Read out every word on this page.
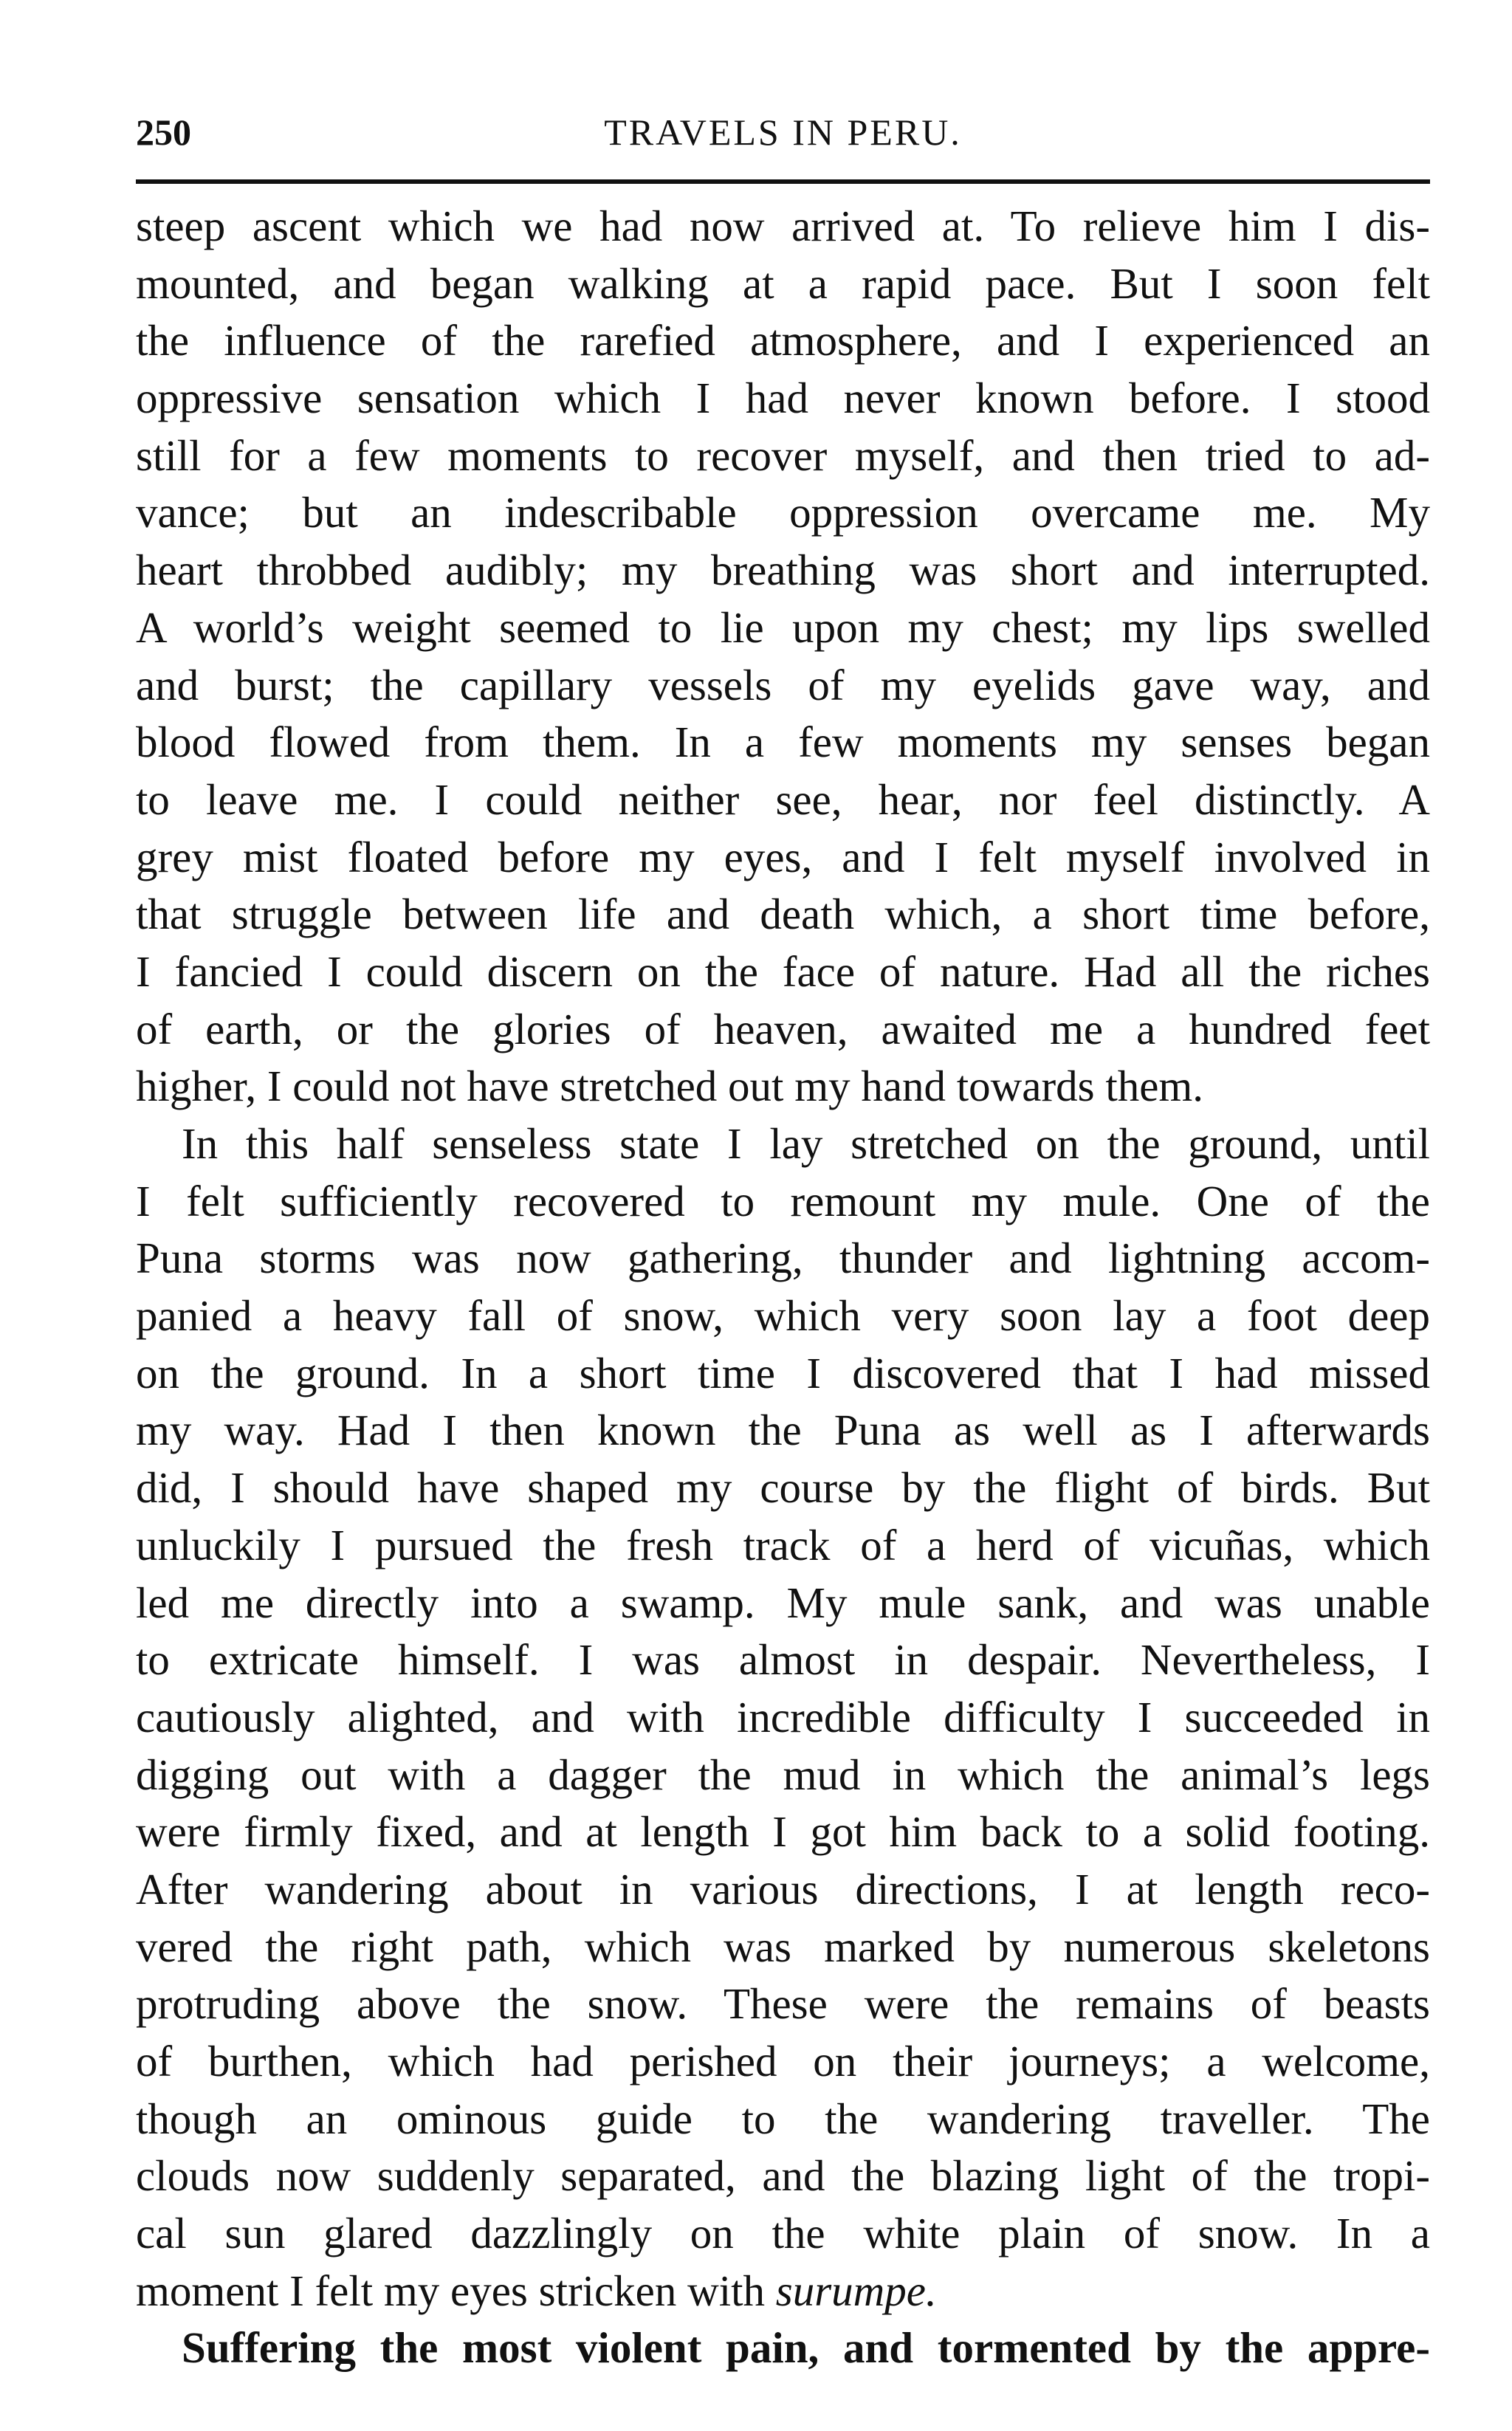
250	TRAVELS IN PERU.
steep ascent which we had now arrived at. To relieve him I dis-
mounted, and began walking at a rapid pace. But I soon felt
the influence of the rarefied atmosphere, and I experienced an
oppressive sensation which I had never known before. I stood
still for a few moments to recover myself, and then tried to ad-
vance; but an indescribable oppression overcame me. My
heart throbbed audibly; my breathing was short and interrupted.
A world’s weight seemed to lie upon my chest; my lips swelled
and burst; the capillary vessels of my eyelids gave way, and
blood flowed from them. In a few moments my senses began
to leave me. I could neither see, hear, nor feel distinctly. A
grey mist floated before my eyes, and I felt myself involved in
that struggle between life and death which, a short time before,
I fancied I could discern on the face of nature. Had all the riches
of earth, or the glories of heaven, awaited me a hundred feet
higher, I could not have stretched out my hand towards them.
In this half senseless state I lay stretched on the ground, until
I felt sufficiently recovered to remount my mule. One of the
Puna storms was now gathering, thunder and lightning accom-
panied a heavy fall of snow, which very soon lay a foot deep
on the ground. In a short time I discovered that I had missed
my way. Had I then known the Puna as well as I afterwards
did, I should have shaped my course by the flight of birds. But
unluckily I pursued the fresh track of a herd of vicuñas, which
led me directly into a swamp. My mule sank, and was unable
to extricate himself. I was almost in despair. Nevertheless, I
cautiously alighted, and with incredible difficulty I succeeded in
digging out with a dagger the mud in which the animal’s legs
were firmly fixed, and at length I got him back to a solid footing.
After wandering about in various directions, I at length reco-
vered the right path, which was marked by numerous skeletons
protruding above the snow. These were the remains of beasts
of burthen, which had perished on their journeys; a welcome,
though an ominous guide to the wandering traveller. The
clouds now suddenly separated, and the blazing light of the tropi-
cal sun glared dazzlingly on the white plain of snow. In a
moment I felt my eyes stricken with surumpe.
Suffering the most violent pain, and tormented by the appre-
